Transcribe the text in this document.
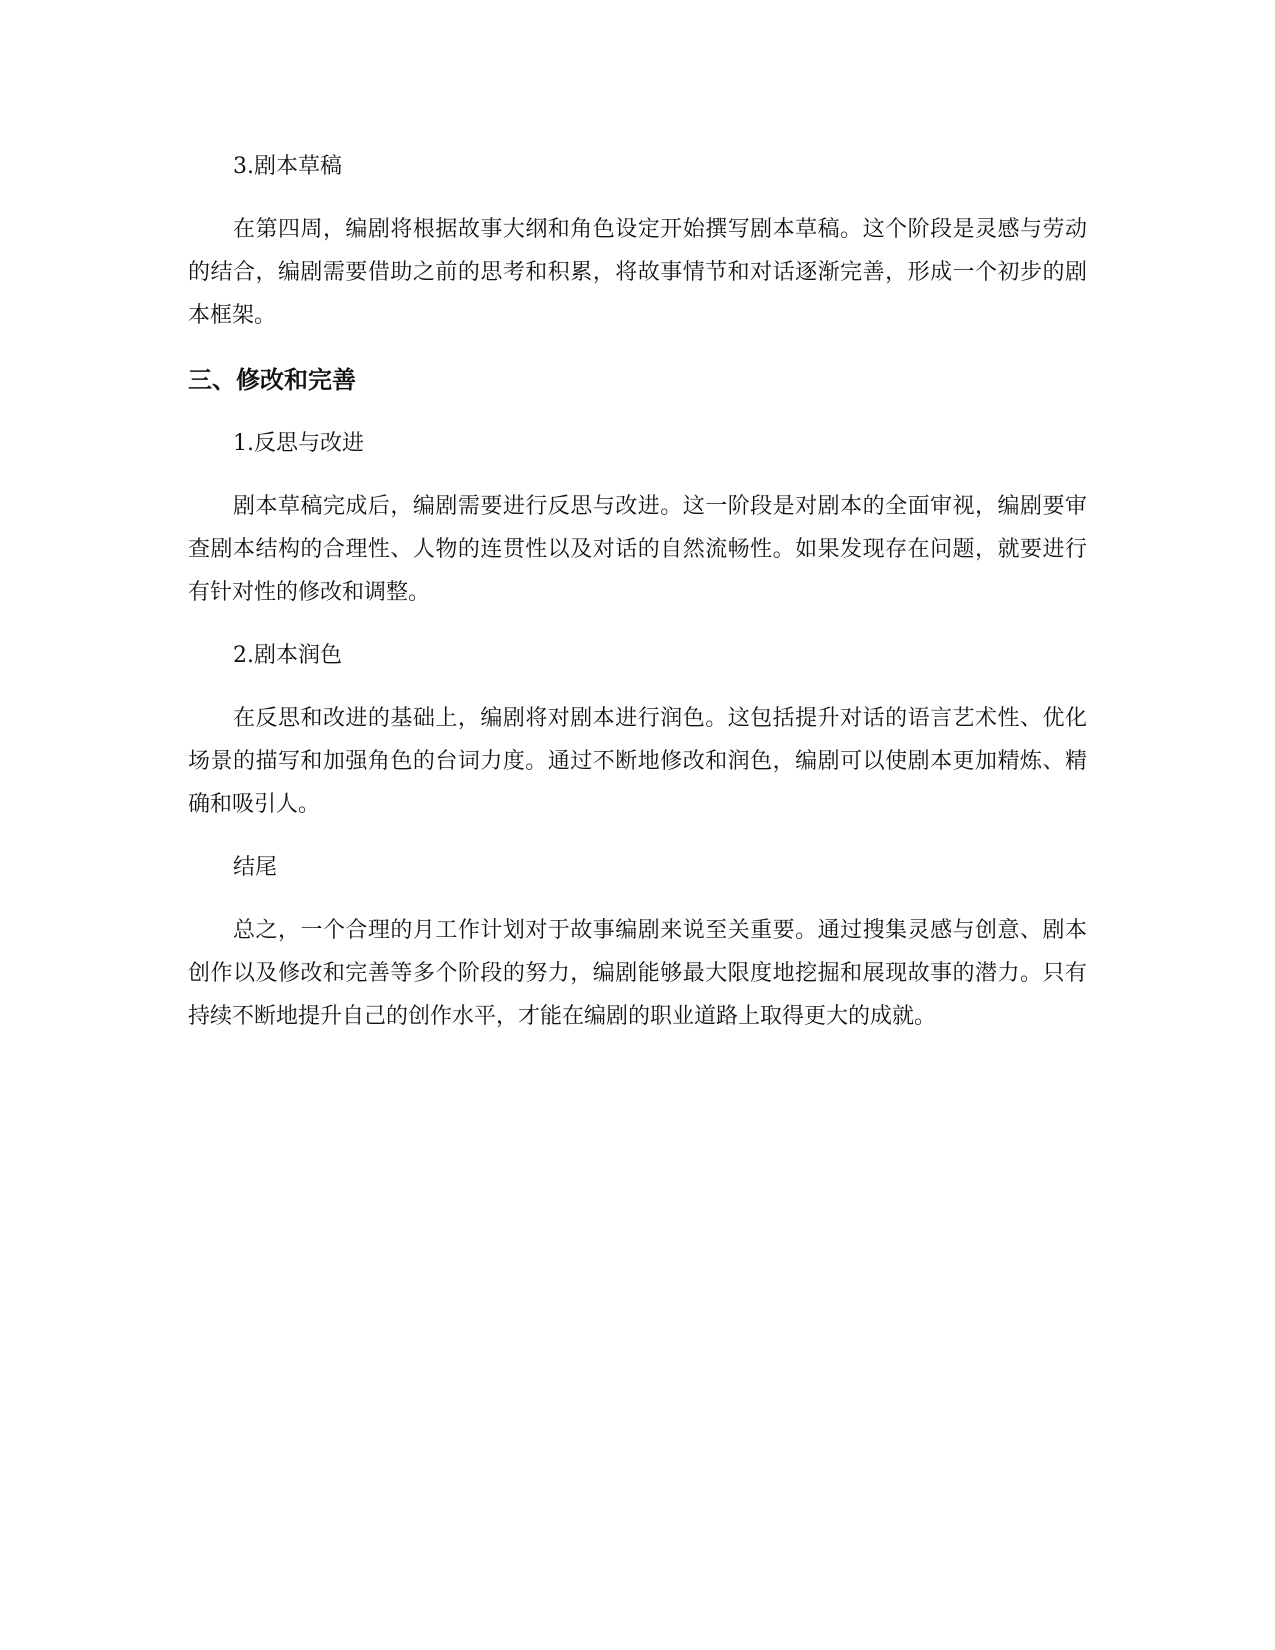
3.剧本草稿

在第四周，编剧将根据故事大纲和角色设定开始撰写剧本草稿。这个阶段是灵感与劳动的结合，编剧需要借助之前的思考和积累，将故事情节和对话逐渐完善，形成一个初步的剧本框架。

三、修改和完善

1.反思与改进

剧本草稿完成后，编剧需要进行反思与改进。这一阶段是对剧本的全面审视，编剧要审查剧本结构的合理性、人物的连贯性以及对话的自然流畅性。如果发现存在问题，就要进行有针对性的修改和调整。

2.剧本润色

在反思和改进的基础上，编剧将对剧本进行润色。这包括提升对话的语言艺术性、优化场景的描写和加强角色的台词力度。通过不断地修改和润色，编剧可以使剧本更加精炼、精确和吸引人。

结尾

总之，一个合理的月工作计划对于故事编剧来说至关重要。通过搜集灵感与创意、剧本创作以及修改和完善等多个阶段的努力，编剧能够最大限度地挖掘和展现故事的潜力。只有持续不断地提升自己的创作水平，才能在编剧的职业道路上取得更大的成就。
